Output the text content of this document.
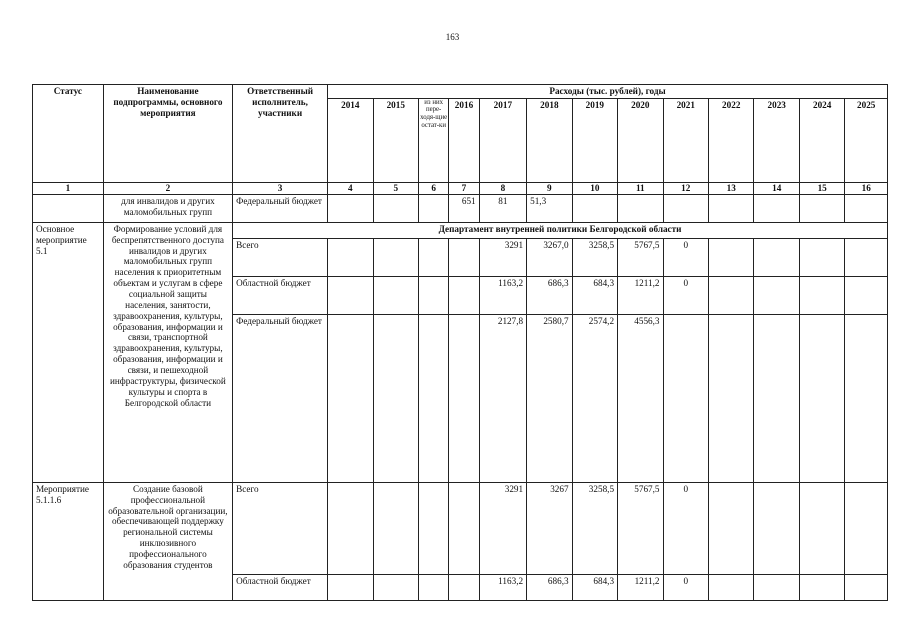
163
Статус	Наименование подпрограммы, основного мероприятия	Ответственный исполнитель, участники	Расходы (тыс. рублей), годы												
			2014	2015	из них пере-ходя-щие остат-ки	2016	2017	2018	2019	2020	2021	2022	2023	2024	2025
1	2	3	4	5	6	7	8	9	10	11	12	13	14	15	16
	для инвалидов и других маломобильных групп	Федеральный бюджет				651	81	51,3							
Основное мероприятие 5.1	Формирование условий для беспрепятственного доступа инвалидов и других маломобильных групп населения к приоритетным объектам и услугам в сфере социальной защиты населения, занятости, здравоохранения, культуры, образования, информации и связи, транспортной здравоохранения, культуры, образования, информации и связи, и пешеходной инфраструктуры, физической культуры и спорта в Белгородской области	Департамент внутренней политики Белгородской области													
		Всего					3291	3267,0	3258,5	5767,5	0				
		Областной бюджет					1163,2	686,3	684,3	1211,2	0				
		Федеральный бюджет					2127,8	2580,7	2574,2	4556,3					
Мероприятие 5.1.1.6	Создание базовой профессиональной образовательной организации, обеспечивающей поддержку региональной системы инклюзивного профессионального образования студентов	Всего					3291	3267	3258,5	5767,5	0				
		Областной бюджет					1163,2	686,3	684,3	1211,2	0				
